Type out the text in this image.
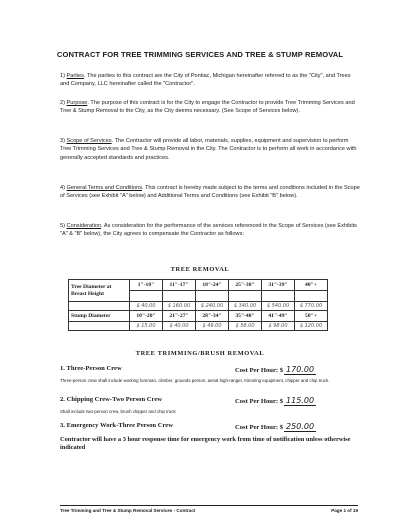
CONTRACT FOR TREE TRIMMING SERVICES AND TREE & STUMP REMOVAL
1) Parties. The parties to this contract are the City of Pontiac, Michigan hereinafter referred to as the "City", and Trees and Company, LLC hereinafter called the "Contractor".
2) Purpose. The purpose of this contract is for the City to engage the Contractor to provide Tree Trimming Services and Tree & Stump Removal to the City, as the City deems necessary. (See Scope of Services below).
3) Scope of Services. The Contractor will provide all labor, materials, supplies, equipment and supervision to perform Tree Trimming Services and Tree & Stump Removal in the City. The Contractor is to perform all work in accordance with generally accepted standards and practices.
4) General Terms and Conditions. This contract is hereby made subject to the terms and conditions included in the Scope of Services (see Exhibit "A" below) and Additional Terms and Conditions (see Exhibit "B" below).
5) Consideration. As consideration for the performance of the services referenced in the Scope of Services (see Exhibits "A" & "B" below), the City agrees to compensate the Contractor as follows:
TREE REMOVAL
Tree Diameter at Breast Height	1"-10"	11"-17"	18"-24"	25"-30"	31"-39"	40"+

	$ 40.00	$ 160.00	$ 240.00	$ 340.00	$ 540.00	$ 770.00
Stump Diameter	10"-20"	21"-27"	28"-34"	35"-40"	41"-49"	50"+
	$ 15.00	$ 40.00	$ 49.00	$ 58.00	$ 98.00	$ 120.00
TREE TRIMMING/BRUSH REMOVAL
1. Three-Person Crew	Cost Per Hour: $ 170.00
Three-person crew shall include working foreman, climber, grounds person, aerial high-ranger, trimming equipment, chipper and chip truck.
2. Chipping Crew-Two Person Crew	Cost Per Hour: $ 115.00
Shall include two-person crew, brush chipper and chip truck
3. Emergency Work-Three Person Crew	Cost Per Hour: $ 250.00
Contractor will have a 3 hour response time for emergency work from time of notification unless otherwise indicated
Tree Trimming and Tree & Stump Removal Services - Contract	Page 1 of 19
